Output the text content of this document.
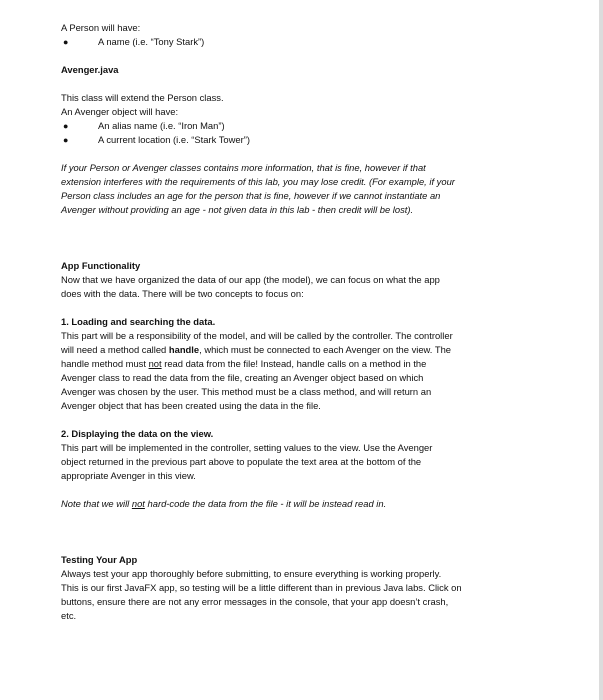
A Person will have:

●	A name (i.e. “Tony Stark”)

Avenger.java

This class will extend the Person class.

An Avenger object will have:

●	An alias name (i.e. “Iron Man”)
●	A current location (i.e. “Stark Tower”)

If your Person or Avenger classes contains more information, that is fine, however if that

extension interferes with the requirements of this lab, you may lose credit. (For example, if your

Person class includes an age for the person that is fine, however if we cannot instantiate an

Avenger without providing an age - not given data in this lab - then credit will be lost).

App Functionality

Now that we have organized the data of our app (the model), we can focus on what the app

does with the data. There will be two concepts to focus on:

1. Loading and searching the data.

This part will be a responsibility of the model, and will be called by the controller. The controller

will need a method called handle, which must be connected to each Avenger on the view. The

handle method must not read data from the file! Instead, handle calls on a method in the

Avenger class to read the data from the file, creating an Avenger object based on which

Avenger was chosen by the user. This method must be a class method, and will return an

Avenger object that has been created using the data in the file.

2. Displaying the data on the view.

This part will be implemented in the controller, setting values to the view. Use the Avenger

object returned in the previous part above to populate the text area at the bottom of the

appropriate Avenger in this view.

Note that we will not hard-code the data from the file - it will be instead read in.

Testing Your App

Always test your app thoroughly before submitting, to ensure everything is working properly.

This is our first JavaFX app, so testing will be a little different than in previous Java labs. Click on

buttons, ensure there are not any error messages in the console, that your app doesn’t crash,

etc.
